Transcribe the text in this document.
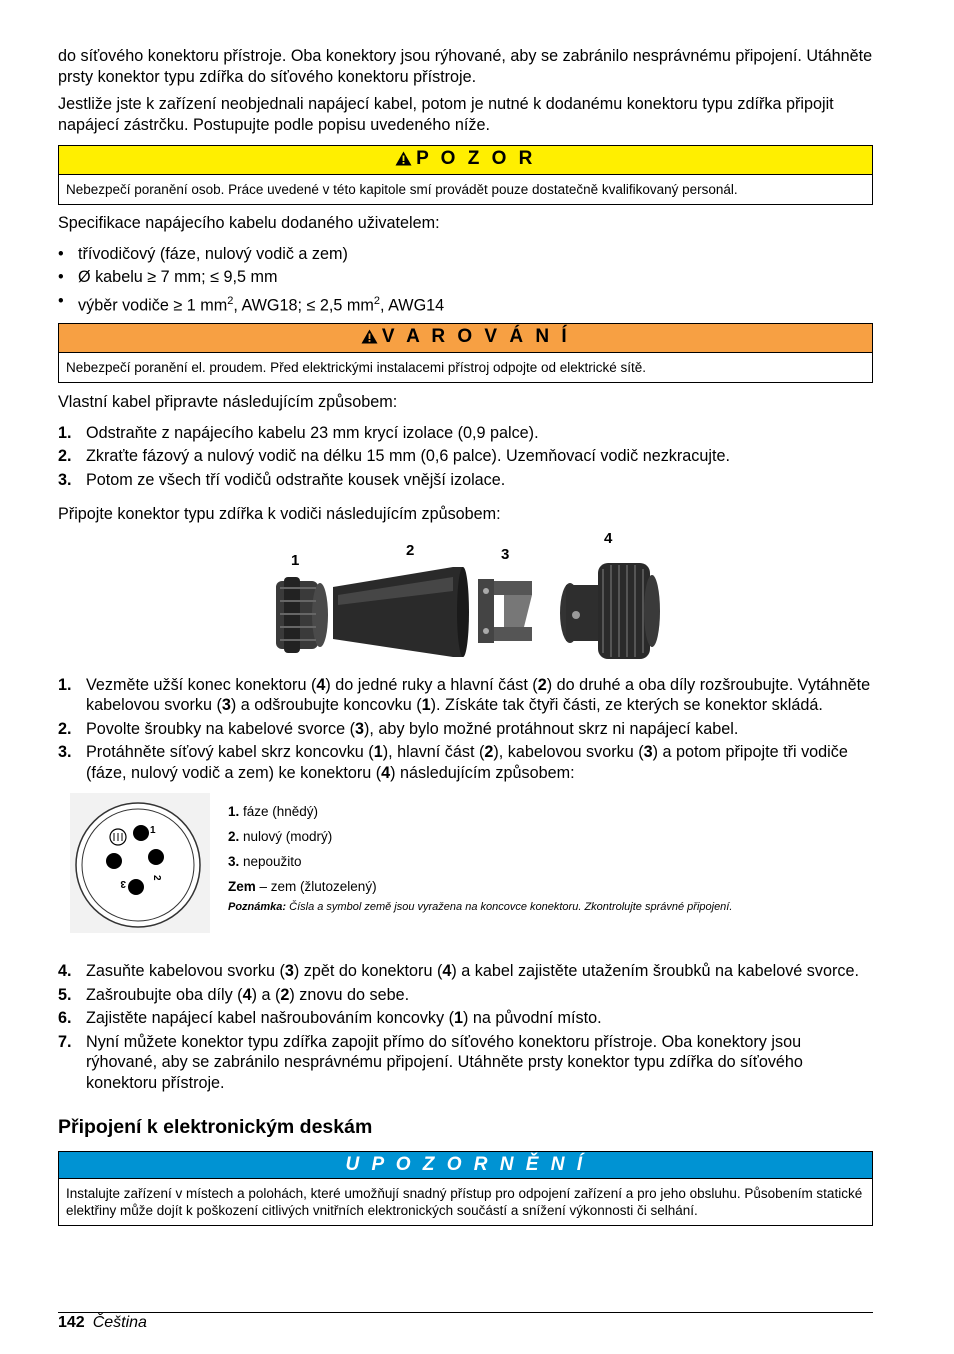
do síťového konektoru přístroje. Oba konektory jsou rýhované, aby se zabránilo nesprávnému připojení. Utáhněte prsty konektor typu zdířka do síťového konektoru přístroje.

Jestliže jste k zařízení neobjednali napájecí kabel, potom je nutné k dodanému konektoru typu zdířka připojit napájecí zástrčku. Postupujte podle popisu uvedeného níže.

P O Z O R
Nebezpečí poranění osob. Práce uvedené v této kapitole smí provádět pouze dostatečně kvalifikovaný personál.

Specifikace napájecího kabelu dodaného uživatelem:

• třívodičový (fáze, nulový vodič a zem)
• Ø kabelu ≥ 7 mm; ≤ 9,5 mm
• výběr vodiče ≥ 1 $mm^2$, AWG18; ≤ 2,5 $mm^2$, AWG14
V A R O V Á N Í
Nebezpečí poranění el. proudem. Před elektrickými instalacemi přístroj odpojte od elektrické sítě.

Vlastní kabel připravte následujícím způsobem:

1. Odstraňte z napájecího kabelu 23 mm krycí izolace (0,9 palce).
2. Zkraťte fázový a nulový vodič na délku 15 mm (0,6 palce). Uzemňovací vodič nezkracujte.
3. Potom ze všech tří vodičů odstraňte kousek vnější izolace.

Připojte konektor typu zdířka k vodiči následujícím způsobem:

1
2	3
4
1. Vezměte užší konec konektoru (4) do jedné ruky a hlavní část (2) do druhé a oba díly rozšroubujte. Vytáhněte kabelovou svorku (3) a odšroubujte koncovku (1). Získáte tak čtyři části, ze kterých se konektor skládá.
2. Povolte šroubky na kabelové svorce (3), aby bylo možné protáhnout skrz ni napájecí kabel.
3. Protáhněte síťový kabel skrz koncovku (1), hlavní část (2), kabelovou svorku (3) a potom připojte tři vodiče (fáze, nulový vodič a zem) ke konektoru (4) následujícím způsobem:
1
2
3
1. fáze (hnědý)
2. nulový (modrý)
3. nepoužito
Zem – zem (žlutozelený)
Poznámka: Čísla a symbol země jsou vyražena na koncovce konektoru. Zkontrolujte správné připojení.
4. Zasuňte kabelovou svorku (3) zpět do konektoru (4) a kabel zajistěte utažením šroubků na kabelové svorce.
5. Zašroubujte oba díly (4) a (2) znovu do sebe.
6. Zajistěte napájecí kabel našroubováním koncovky (1) na původní místo.
7. Nyní můžete konektor typu zdířka zapojit přímo do síťového konektoru přístroje. Oba konektory jsou rýhované, aby se zabránilo nesprávnému připojení. Utáhněte prsty konektor typu zdířka do síťového konektoru přístroje.
Připojení k elektronickým deskám
U P O Z O R N Ě N Í
Instalujte zařízení v místech a polohách, které umožňují snadný přístup pro odpojení zařízení a pro jeho obsluhu. Působením statické elektřiny může dojít k poškození citlivých vnitřních elektronických součástí a snížení výkonnosti či selhání.
142 Čeština
